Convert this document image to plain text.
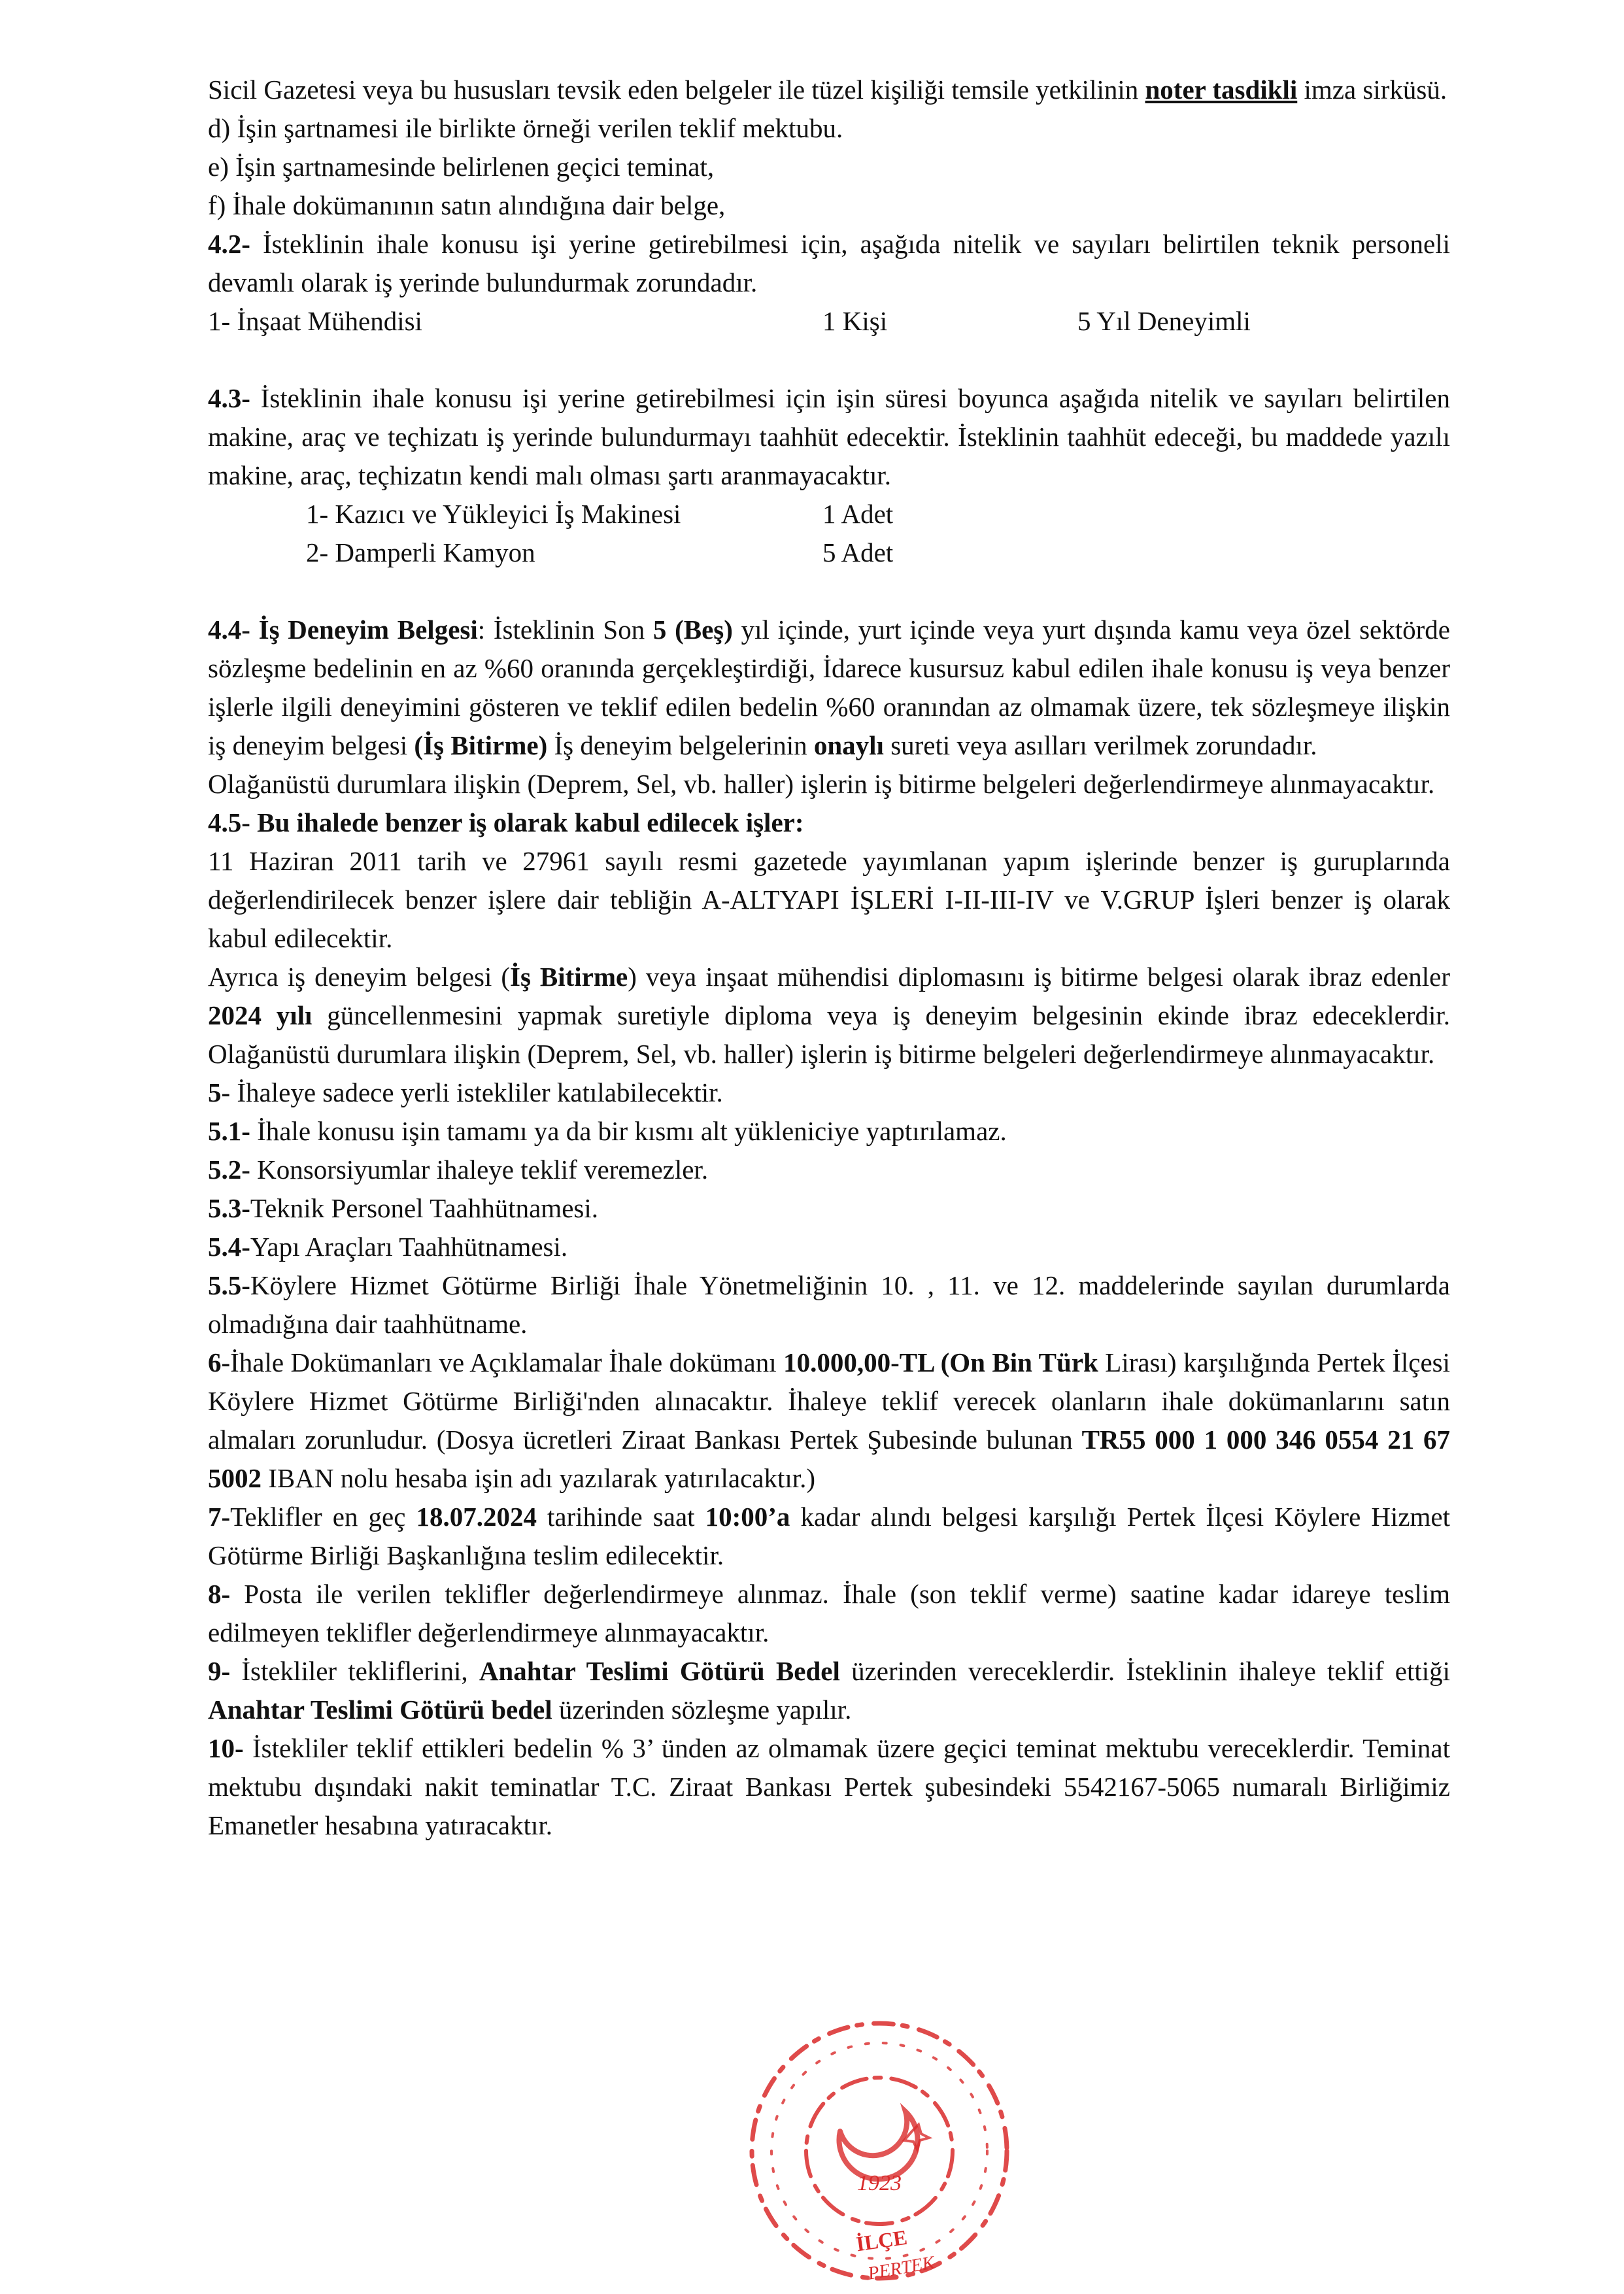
Sicil Gazetesi veya bu hususları tevsik eden belgeler ile tüzel kişiliği temsile yetkilinin noter tasdikli imza sirküsü.

d) İşin şartnamesi ile birlikte örneği verilen teklif mektubu.

e) İşin şartnamesinde belirlenen geçici teminat,

f) İhale dokümanının satın alındığına dair belge,

4.2- İsteklinin ihale konusu işi yerine getirebilmesi için, aşağıda nitelik ve sayıları belirtilen teknik personeli devamlı olarak iş yerinde bulundurmak zorundadır.

1- İnşaat Mühendisi	1 Kişi	5 Yıl Deneyimli

4.3- İsteklinin ihale konusu işi yerine getirebilmesi için işin süresi boyunca aşağıda nitelik ve sayıları belirtilen makine, araç ve teçhizatı iş yerinde bulundurmayı taahhüt edecektir. İsteklinin taahhüt edeceği, bu maddede yazılı makine, araç, teçhizatın kendi malı olması şartı aranmayacaktır.

1- Kazıcı ve Yükleyici İş Makinesi	1 Adet
2- Damperli Kamyon	5 Adet

4.4- İş Deneyim Belgesi: İsteklinin Son 5 (Beş) yıl içinde, yurt içinde veya yurt dışında kamu veya özel sektörde sözleşme bedelinin en az %60 oranında gerçekleştirdiği, İdarece kusursuz kabul edilen ihale konusu iş veya benzer işlerle ilgili deneyimini gösteren ve teklif edilen bedelin %60 oranından az olmamak üzere, tek sözleşmeye ilişkin iş deneyim belgesi (İş Bitirme) İş deneyim belgelerinin onaylı sureti veya asılları verilmek zorundadır.

Olağanüstü durumlara ilişkin (Deprem, Sel, vb. haller) işlerin iş bitirme belgeleri değerlendirmeye alınmayacaktır.

4.5- Bu ihalede benzer iş olarak kabul edilecek işler:

11 Haziran 2011 tarih ve 27961 sayılı resmi gazetede yayımlanan yapım işlerinde benzer iş guruplarında değerlendirilecek benzer işlere dair tebliğin A-ALTYAPI İŞLERİ I-II-III-IV ve V.GRUP İşleri benzer iş olarak kabul edilecektir.

Ayrıca iş deneyim belgesi (İş Bitirme) veya inşaat mühendisi diplomasını iş bitirme belgesi olarak ibraz edenler 2024 yılı güncellenmesini yapmak suretiyle diploma veya iş deneyim belgesinin ekinde ibraz edeceklerdir. Olağanüstü durumlara ilişkin (Deprem, Sel, vb. haller) işlerin iş bitirme belgeleri değerlendirmeye alınmayacaktır.

5- İhaleye sadece yerli istekliler katılabilecektir.

5.1- İhale konusu işin tamamı ya da bir kısmı alt yükleniciye yaptırılamaz.

5.2- Konsorsiyumlar ihaleye teklif veremezler.

5.3-Teknik Personel Taahhütnamesi.

5.4-Yapı Araçları Taahhütnamesi.

5.5-Köylere Hizmet Götürme Birliği İhale Yönetmeliğinin 10. , 11. ve 12. maddelerinde sayılan durumlarda olmadığına dair taahhütname.

6-İhale Dokümanları ve Açıklamalar İhale dokümanı 10.000,00-TL (On Bin Türk Lirası) karşılığında Pertek İlçesi Köylere Hizmet Götürme Birliği'nden alınacaktır. İhaleye teklif verecek olanların ihale dokümanlarını satın almaları zorunludur. (Dosya ücretleri Ziraat Bankası Pertek Şubesinde bulunan TR55 000 1 000 346 0554 21 67 5002 IBAN nolu hesaba işin adı yazılarak yatırılacaktır.)

7-Teklifler en geç 18.07.2024 tarihinde saat 10:00’a kadar alındı belgesi karşılığı Pertek İlçesi Köylere Hizmet Götürme Birliği Başkanlığına teslim edilecektir.

8- Posta ile verilen teklifler değerlendirmeye alınmaz. İhale (son teklif verme) saatine kadar idareye teslim edilmeyen teklifler değerlendirmeye alınmayacaktır.

9- İstekliler tekliflerini, Anahtar Teslimi Götürü Bedel üzerinden vereceklerdir. İsteklinin ihaleye teklif ettiği Anahtar Teslimi Götürü bedel üzerinden sözleşme yapılır.

10- İstekliler teklif ettikleri bedelin % 3’ ünden az olmamak üzere geçici teminat mektubu vereceklerdir. Teminat mektubu dışındaki nakit teminatlar T.C. Ziraat Bankası Pertek şubesindeki 5542167-5065 numaralı Birliğimiz Emanetler hesabına yatıracaktır.

1923
İLÇE
PERTEK
